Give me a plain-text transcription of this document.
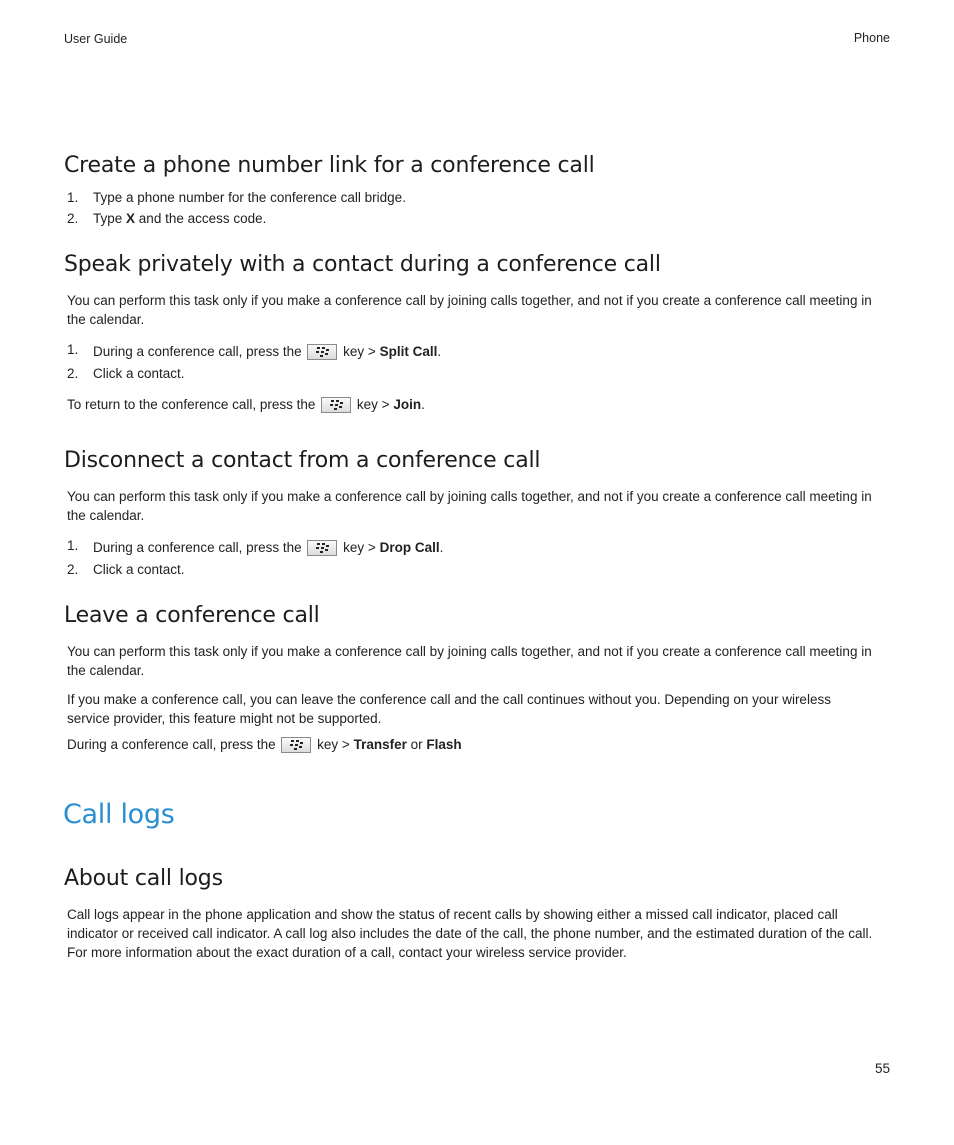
User Guide	Phone
Create a phone number link for a conference call
1. Type a phone number for the conference call bridge.
2. Type X and the access code.
Speak privately with a contact during a conference call
You can perform this task only if you make a conference call by joining calls together, and not if you create a conference call meeting in the calendar.
1. During a conference call, press the	key > Split Call.
2. Click a contact.
To return to the conference call, press the	key > Join.
Disconnect a contact from a conference call
You can perform this task only if you make a conference call by joining calls together, and not if you create a conference call meeting in the calendar.
1. During a conference call, press the	key > Drop Call.
2. Click a contact.
Leave a conference call
You can perform this task only if you make a conference call by joining calls together, and not if you create a conference call meeting in the calendar.
If you make a conference call, you can leave the conference call and the call continues without you. Depending on your wireless service provider, this feature might not be supported.
During a conference call, press the	key > Transfer or Flash
Call logs
About call logs
Call logs appear in the phone application and show the status of recent calls by showing either a missed call indicator, placed call indicator or received call indicator. A call log also includes the date of the call, the phone number, and the estimated duration of the call. For more information about the exact duration of a call, contact your wireless service provider.
55
